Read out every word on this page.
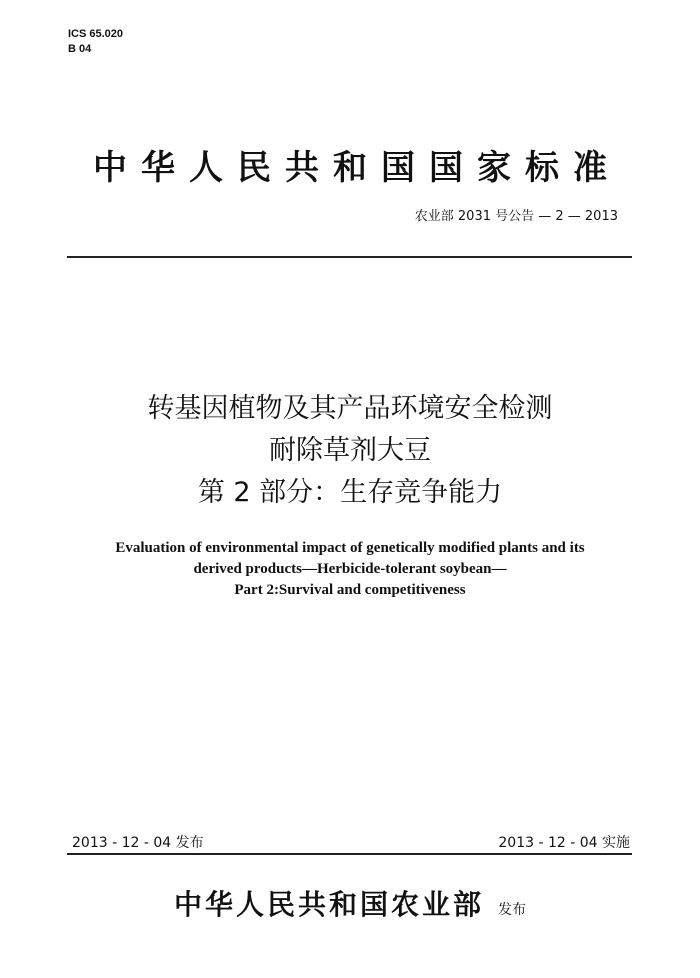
ICS 65.020
B 04
中华人民共和国国家标准
农业部 2031 号公告 — 2 — 2013
转基因植物及其产品环境安全检测
耐除草剂大豆
第 2 部分：生存竞争能力
Evaluation of environmental impact of genetically modified plants and its
derived products—Herbicide-tolerant soybean—
Part 2:Survival and competitiveness
2013 - 12 - 04 发布	2013 - 12 - 04 实施
中华人民共和国农业部 发布
